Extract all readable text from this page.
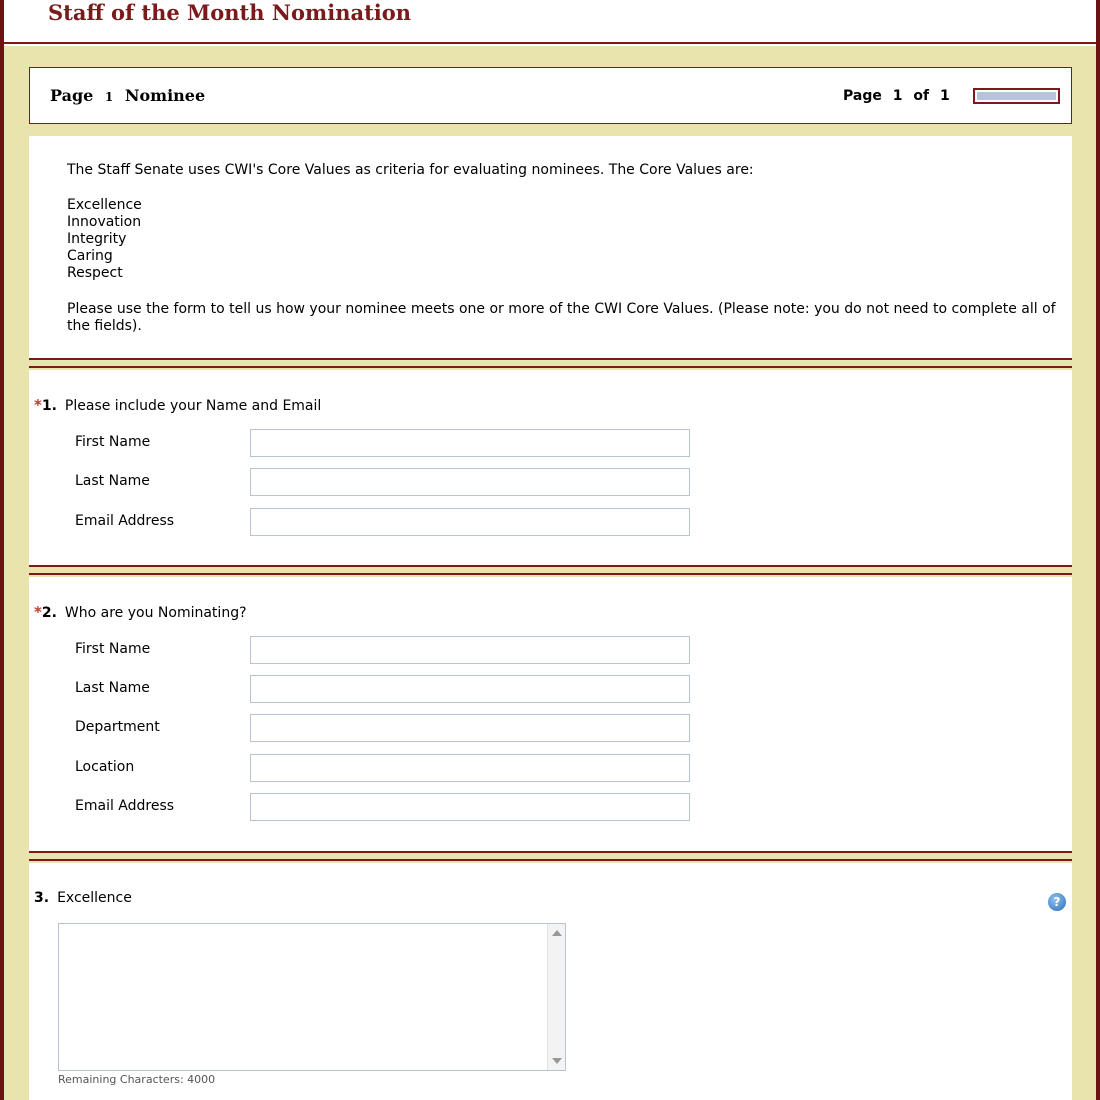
Staff of the Month Nomination
Page 1 Nominee	Page 1 of 1
The Staff Senate uses CWI's Core Values as criteria for evaluating nominees. The Core Values are:
Excellence
Innovation
Integrity
Caring
Respect
Please use the form to tell us how your nominee meets one or more of the CWI Core Values. (Please note: you do not need to complete all of the fields).
*1. Please include your Name and Email
First Name
Last Name
Email Address
*2. Who are you Nominating?
First Name
Last Name
Department
Location
Email Address
3. Excellence	?
Remaining Characters: 4000
